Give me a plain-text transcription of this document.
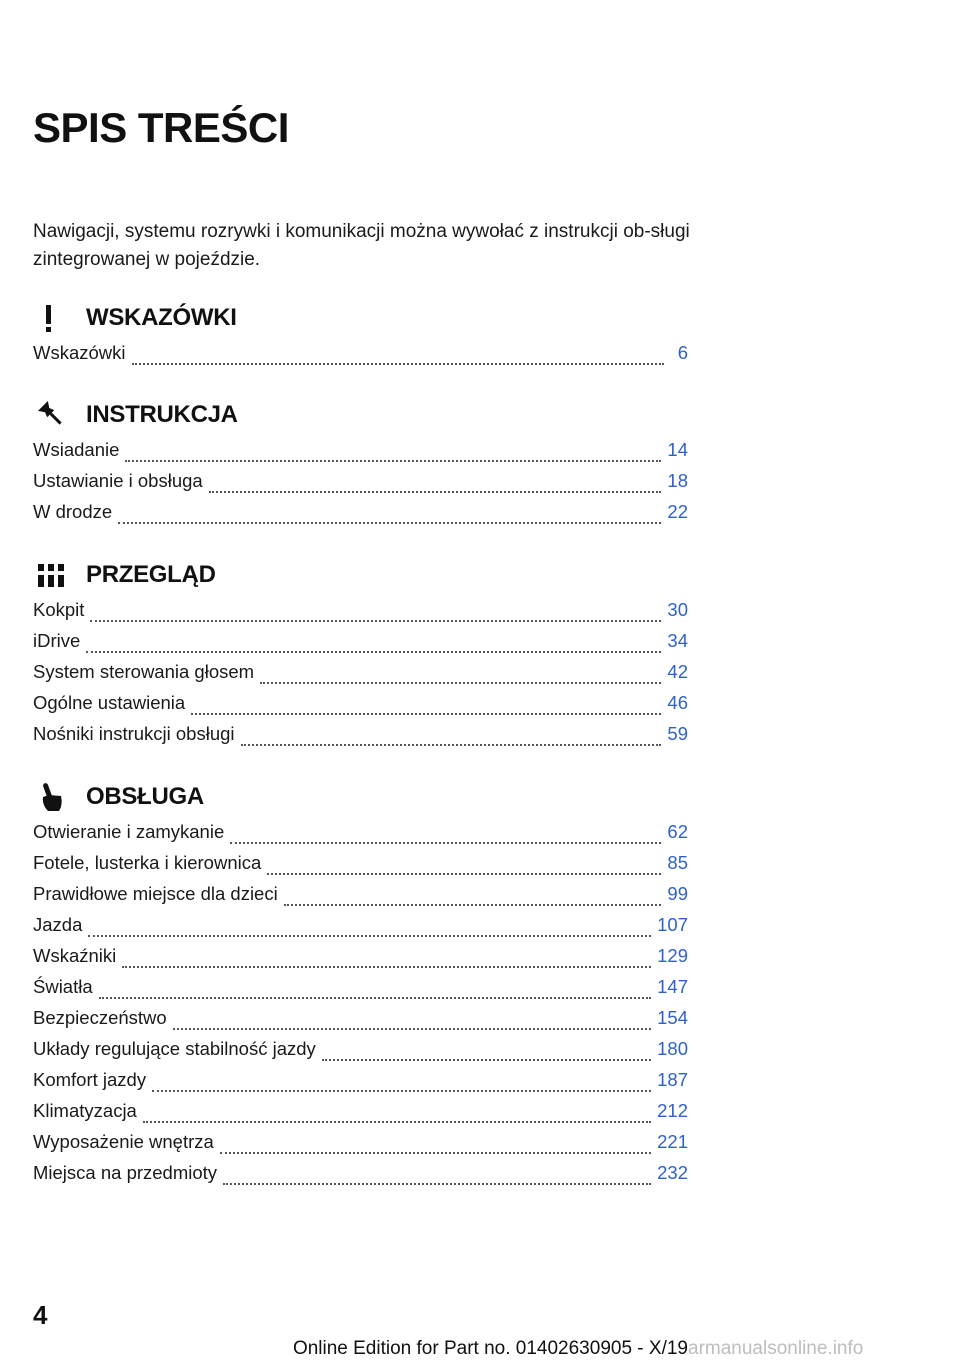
SPIS TREŚCI

Nawigacji, systemu rozrywki i komunikacji można wywołać z instrukcji ob-sługi zintegrowanej w pojeździe.

WSKAZÓWKI
Wskazówki	6
INSTRUKCJA
Wsiadanie	14
Ustawianie i obsługa	18
W drodze	22
PRZEGLĄD
Kokpit	30
iDrive	34
System sterowania głosem	42
Ogólne ustawienia	46
Nośniki instrukcji obsługi	59
OBSŁUGA
Otwieranie i zamykanie	62
Fotele, lusterka i kierownica	85
Prawidłowe miejsce dla dzieci	99
Jazda	107
Wskaźniki	129
Światła	147
Bezpieczeństwo	154
Układy regulujące stabilność jazdy	180
Komfort jazdy	187
Klimatyzacja	212
Wyposażenie wnętrza	221
Miejsca na przedmioty	232
4
Online Edition for Part no. 01402630905 - X/19 armanualsonline.info
